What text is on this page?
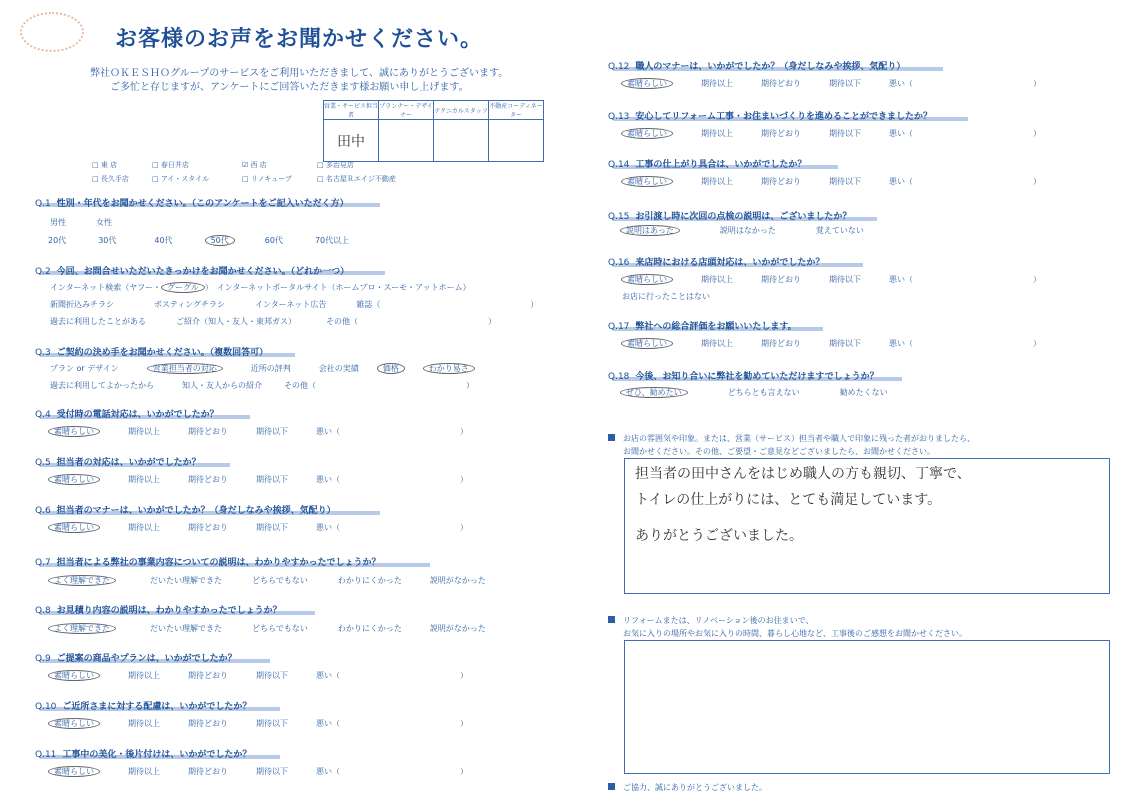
お客様のお声をお聞かせください。
弊社ＯＫＥＳＨＯグループのサービスをご利用いただきまして、誠にありがとうございます。
ご多忙と存じますが、アンケートにご回答いただきます様お願い申し上げます。
営業・サービス担当者	プランナー・デザイナー	テクニカルスタッフ	不動産コーディネーター
田中			
□ 東 店	□ 春日井店	☑ 西 店	□ 多治見店
□ 長久手店	□ アイ・スタイル	□ リノキューブ	□ 名古屋Ｒエイジ不動産
Q.1 性別・年代をお聞かせください。（このアンケートをご記入いただく方）
男性	女性
20代	30代	40代	50代	60代	70代以上
Q.2 今回、お問合せいただいたきっかけをお聞かせください。（どれか一つ）
インターネット検索（ヤフー・ グーグル ）　インターネットポータルサイト（ホームプロ・スーモ・アットホーム）
新聞折込みチラシ	ポスティングチラシ	インターネット広告	雑誌（	）
過去に利用したことがある	ご紹介（知人・友人・東邦ガス）	その他（	）
Q.3 ご契約の決め手をお聞かせください。（複数回答可）
プラン or デザイン	営業担当者の対応	近所の評判	会社の実績	価格	わかり易さ
過去に利用してよかったから	知人・友人からの紹介	その他（	）
Q.7 担当者による弊社の事業内容についての説明は、わかりやすかったでしょうか？
よく理解できた	だいたい理解できた	どちらでもない	わかりにくかった	説明がなかった
Q.8 お見積り内容の説明は、わかりやすかったでしょうか？
よく理解できた	だいたい理解できた	どちらでもない	わかりにくかった	説明がなかった
Q.15 お引渡し時に次回の点検の説明は、ございましたか？
説明はあった	説明はなかった	覚えていない
Q.18 今後、お知り合いに弊社を勧めていただけますでしょうか？
ぜひ、勧めたい	どちらとも言えない	勧めたくない
お店に行ったことはない
お店の雰囲気や印象。または、営業（サービス）担当者や職人で印象に残った者がおりましたら、
お聞かせください。その他、ご要望・ご意見などございましたら、お聞かせください。
担当者の田中さんをはじめ職人の方も親切、丁寧で、
トイレの仕上がりには、とても満足しています。
ありがとうございました。
リフォームまたは、リノベーション後のお住まいで、
お気に入りの場所やお気に入りの時間、暮らし心地など、工事後のご感想をお聞かせください。
ご協力、誠にありがとうございました。
Q.4 受付時の電話対応は、いかがでしたか？
素晴らしい	期待以上	期待どおり	期待以下	悪い（	）
Q.5 担当者の対応は、いかがでしたか？
素晴らしい	期待以上	期待どおり	期待以下	悪い（	）
Q.6 担当者のマナーは、いかがでしたか？（身だしなみや挨拶、気配り）
素晴らしい	期待以上	期待どおり	期待以下	悪い（	）
Q.9 ご提案の商品やプランは、いかがでしたか？
素晴らしい	期待以上	期待どおり	期待以下	悪い（	）
Q.10 ご近所さまに対する配慮は、いかがでしたか？
素晴らしい	期待以上	期待どおり	期待以下	悪い（	）
Q.11 工事中の美化・後片付けは、いかがでしたか？
素晴らしい	期待以上	期待どおり	期待以下	悪い（	）
Q.12 職人のマナーは、いかがでしたか？（身だしなみや挨拶、気配り）
素晴らしい	期待以上	期待どおり	期待以下	悪い（	）
Q.13 安心してリフォーム工事・お住まいづくりを進めることができましたか？
素晴らしい	期待以上	期待どおり	期待以下	悪い（	）
Q.14 工事の仕上がり具合は、いかがでしたか？
素晴らしい	期待以上	期待どおり	期待以下	悪い（	）
Q.16 来店時における店頭対応は、いかがでしたか？
素晴らしい	期待以上	期待どおり	期待以下	悪い（	）
Q.17 弊社への総合評価をお願いいたします。
素晴らしい	期待以上	期待どおり	期待以下	悪い（	）
